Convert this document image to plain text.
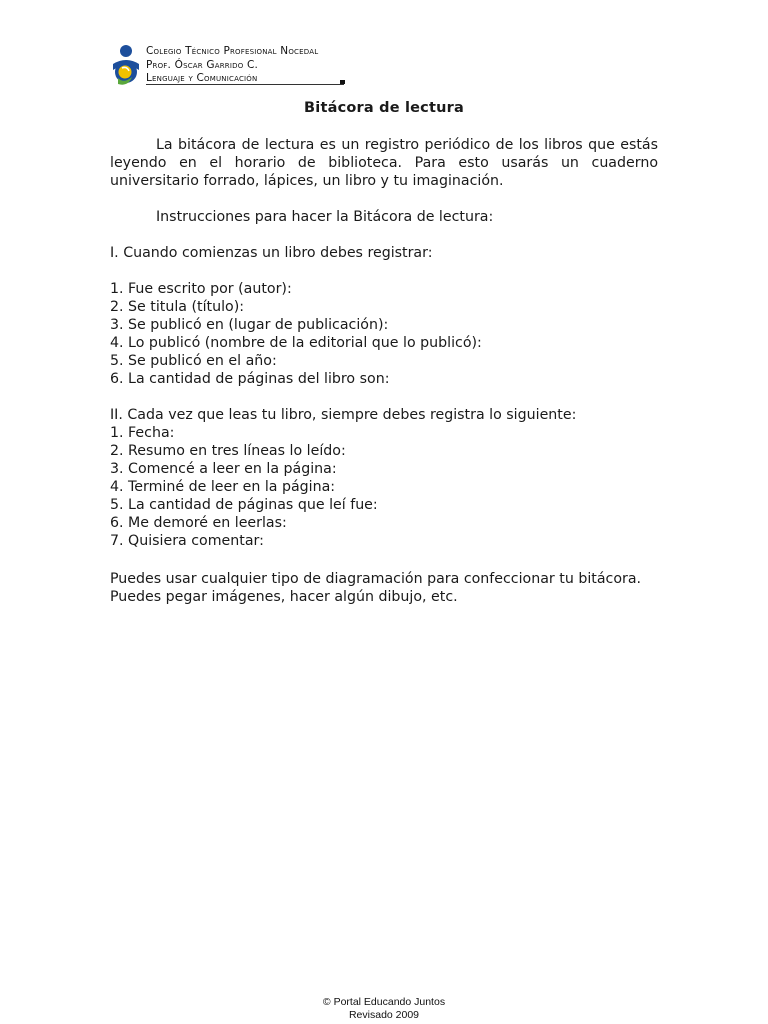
Colegio Técnico Profesional Nocedal
Prof. Óscar Garrido C.
Lenguaje y Comunicación
Bitácora de lectura
La bitácora de lectura es un registro periódico de los libros que estás leyendo en el horario de biblioteca. Para esto usarás un cuaderno universitario forrado, lápices, un libro y tu imaginación.
Instrucciones para hacer la Bitácora de lectura:
I. Cuando comienzas un libro debes registrar:
1. Fue escrito por (autor):
2. Se titula (título):
3. Se publicó en (lugar de publicación):
4. Lo publicó (nombre de la editorial que lo publicó):
5. Se publicó en el año:
6. La cantidad de páginas del libro son:
II. Cada vez que leas tu libro, siempre debes registra lo siguiente:
1. Fecha:
2. Resumo en tres líneas lo leído:
3. Comencé a leer en la página:
4. Terminé de leer en la página:
5. La cantidad de páginas que leí fue:
6. Me demoré en leerlas:
7. Quisiera comentar:
Puedes usar cualquier tipo de diagramación para confeccionar tu bitácora. Puedes pegar imágenes, hacer algún dibujo, etc.
© Portal Educando Juntos
Revisado 2009
